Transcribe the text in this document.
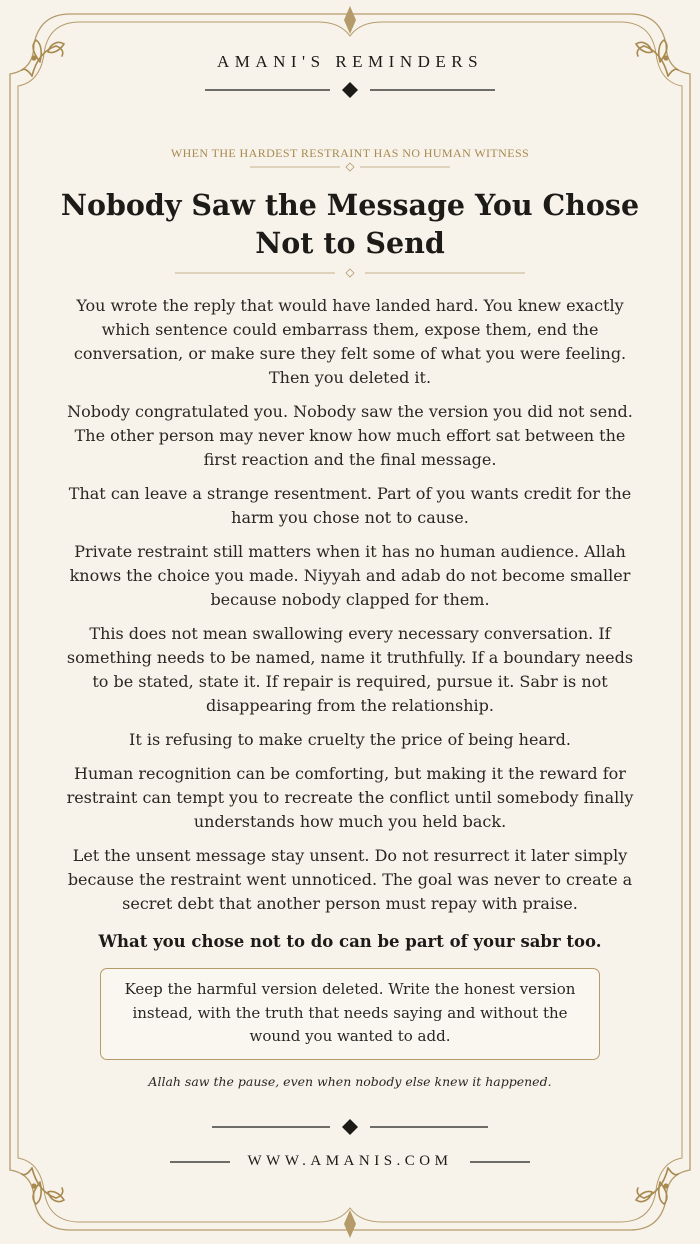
AMANI'S REMINDERS
WHEN THE HARDEST RESTRAINT HAS NO HUMAN WITNESS
Nobody Saw the Message You Chose Not to Send

You wrote the reply that would have landed hard. You knew exactly which sentence could embarrass them, expose them, end the conversation, or make sure they felt some of what you were feeling. Then you deleted it.

Nobody congratulated you. Nobody saw the version you did not send. The other person may never know how much effort sat between the first reaction and the final message.

That can leave a strange resentment. Part of you wants credit for the harm you chose not to cause.

Private restraint still matters when it has no human audience. Allah knows the choice you made. Niyyah and adab do not become smaller because nobody clapped for them.

This does not mean swallowing every necessary conversation. If something needs to be named, name it truthfully. If a boundary needs to be stated, state it. If repair is required, pursue it. Sabr is not disappearing from the relationship.

It is refusing to make cruelty the price of being heard.

Human recognition can be comforting, but making it the reward for restraint can tempt you to recreate the conflict until somebody finally understands how much you held back.

Let the unsent message stay unsent. Do not resurrect it later simply because the restraint went unnoticed. The goal was never to create a secret debt that another person must repay with praise.

What you chose not to do can be part of your sabr too.

Keep the harmful version deleted. Write the honest version instead, with the truth that needs saying and without the wound you wanted to add.
Allah saw the pause, even when nobody else knew it happened.
WWW.AMANIS.COM
